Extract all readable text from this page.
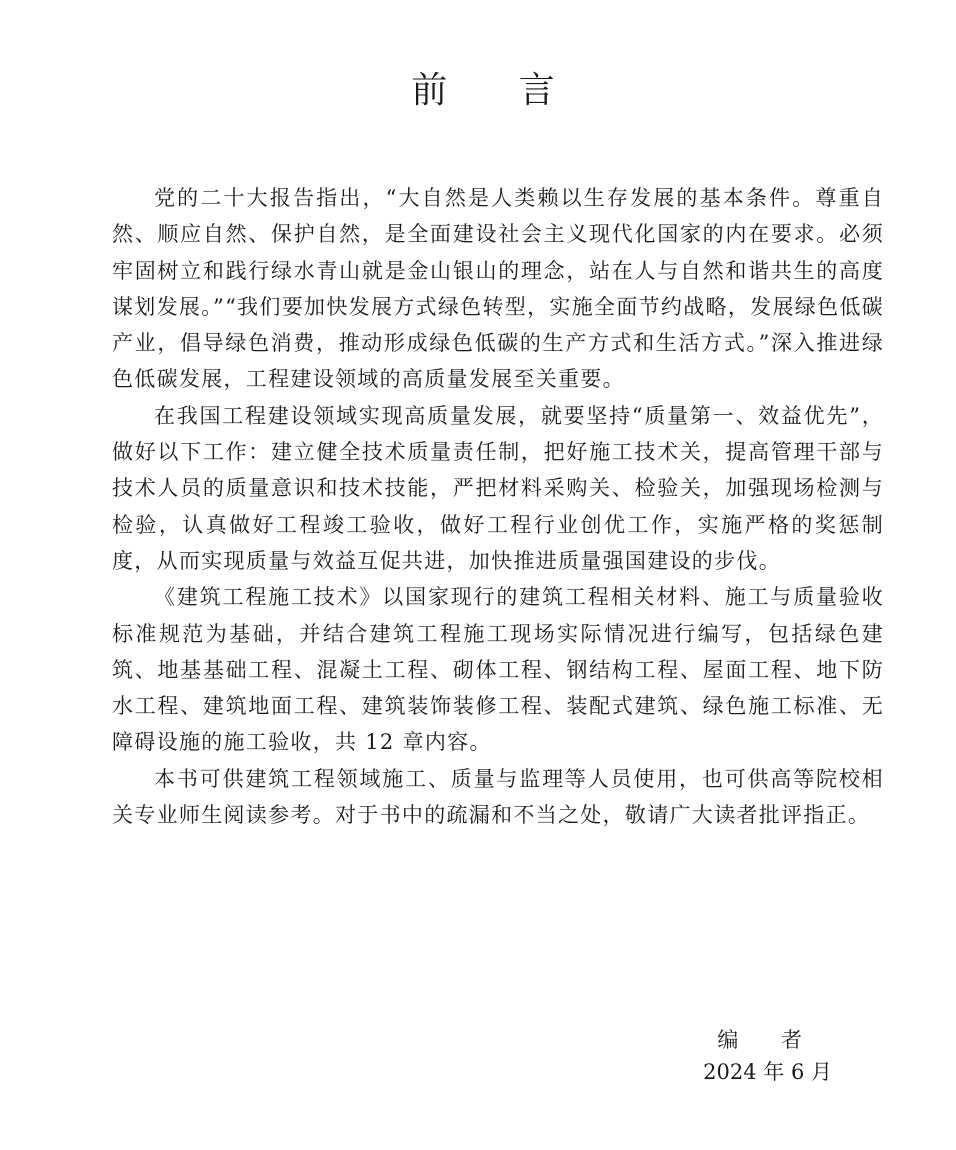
前 言

党的二十大报告指出，“大自然是人类赖以生存发展的基本条件。尊重自然、顺应自然、保护自然，是全面建设社会主义现代化国家的内在要求。必须牢固树立和践行绿水青山就是金山银山的理念，站在人与自然和谐共生的高度谋划发展。”“我们要加快发展方式绿色转型，实施全面节约战略，发展绿色低碳产业，倡导绿色消费，推动形成绿色低碳的生产方式和生活方式。”深入推进绿色低碳发展，工程建设领域的高质量发展至关重要。

在我国工程建设领域实现高质量发展，就要坚持“质量第一、效益优先”，做好以下工作：建立健全技术质量责任制，把好施工技术关，提高管理干部与技术人员的质量意识和技术技能，严把材料采购关、检验关，加强现场检测与检验，认真做好工程竣工验收，做好工程行业创优工作，实施严格的奖惩制度，从而实现质量与效益互促共进，加快推进质量强国建设的步伐。

《建筑工程施工技术》以国家现行的建筑工程相关材料、施工与质量验收标准规范为基础，并结合建筑工程施工现场实际情况进行编写，包括绿色建筑、地基基础工程、混凝土工程、砌体工程、钢结构工程、屋面工程、地下防水工程、建筑地面工程、建筑装饰装修工程、装配式建筑、绿色施工标准、无障碍设施的施工验收，共 12 章内容。

本书可供建筑工程领域施工、质量与监理等人员使用，也可供高等院校相关专业师生阅读参考。对于书中的疏漏和不当之处，敬请广大读者批评指正。

编 者
2024 年 6 月
